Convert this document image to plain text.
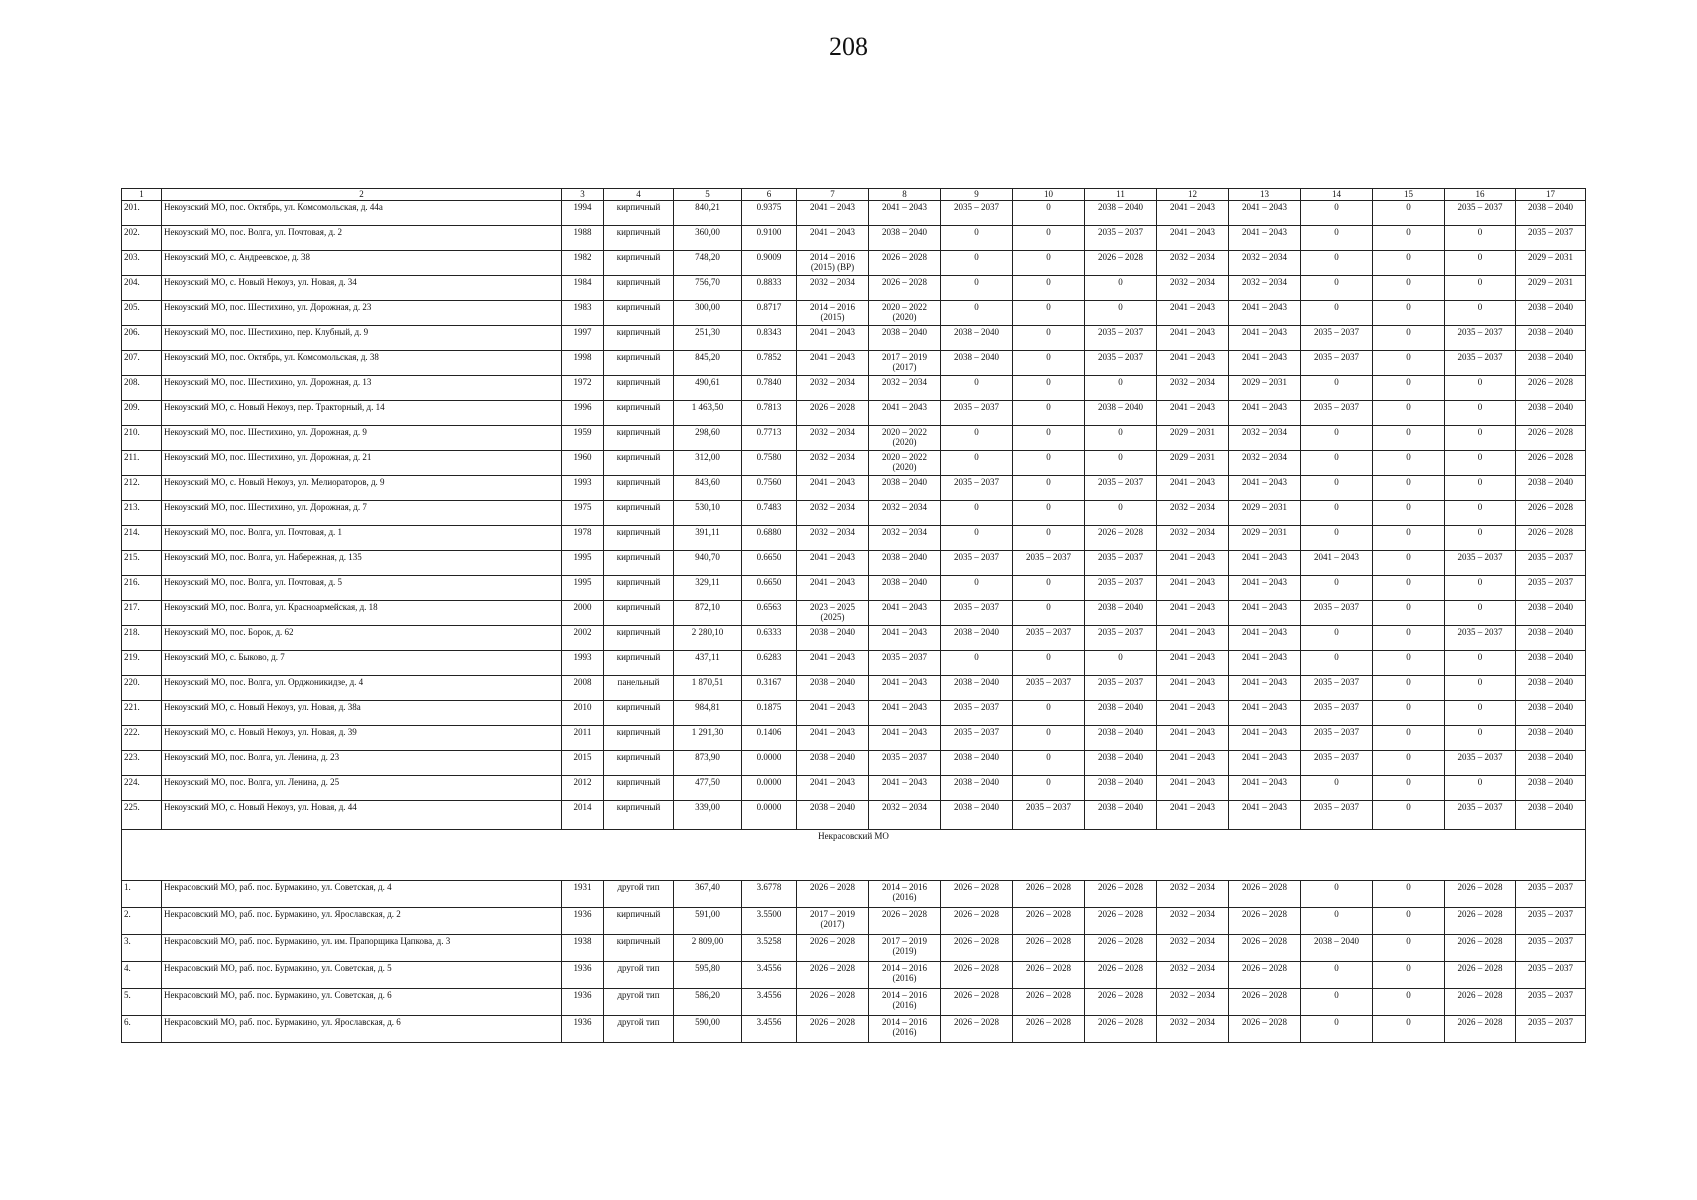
208
1	2	3	4	5	6	7	8	9	10	11	12	13	14	15	16	17
201.	Некоузский МО, пос. Октябрь, ул. Комсомольская, д. 44а	1994	кирпичный	840,21	0.9375	2041 – 2043	2041 – 2043	2035 – 2037	0	2038 – 2040	2041 – 2043	2041 – 2043	0	0	2035 – 2037	2038 – 2040
202.	Некоузский МО, пос. Волга, ул. Почтовая, д. 2	1988	кирпичный	360,00	0.9100	2041 – 2043	2038 – 2040	0	0	2035 – 2037	2041 – 2043	2041 – 2043	0	0	0	2035 – 2037
203.	Некоузский МО, с. Андреевское, д. 38	1982	кирпичный	748,20	0.9009	2014 – 2016
(2015) (ВР)	2026 – 2028	0	0	2026 – 2028	2032 – 2034	2032 – 2034	0	0	0	2029 – 2031
204.	Некоузский МО, с. Новый Некоуз, ул. Новая, д. 34	1984	кирпичный	756,70	0.8833	2032 – 2034	2026 – 2028	0	0	0	2032 – 2034	2032 – 2034	0	0	0	2029 – 2031
205.	Некоузский МО, пос. Шестихино, ул. Дорожная, д. 23	1983	кирпичный	300,00	0.8717	2014 – 2016
(2015)	2020 – 2022
(2020)	0	0	0	2041 – 2043	2041 – 2043	0	0	0	2038 – 2040
206.	Некоузский МО, пос. Шестихино, пер. Клубный, д. 9	1997	кирпичный	251,30	0.8343	2041 – 2043	2038 – 2040	2038 – 2040	0	2035 – 2037	2041 – 2043	2041 – 2043	2035 – 2037	0	2035 – 2037	2038 – 2040
207.	Некоузский МО, пос. Октябрь, ул. Комсомольская, д. 38	1998	кирпичный	845,20	0.7852	2041 – 2043	2017 – 2019
(2017)	2038 – 2040	0	2035 – 2037	2041 – 2043	2041 – 2043	2035 – 2037	0	2035 – 2037	2038 – 2040
208.	Некоузский МО, пос. Шестихино, ул. Дорожная, д. 13	1972	кирпичный	490,61	0.7840	2032 – 2034	2032 – 2034	0	0	0	2032 – 2034	2029 – 2031	0	0	0	2026 – 2028
209.	Некоузский МО, с. Новый Некоуз, пер. Тракторный, д. 14	1996	кирпичный	1 463,50	0.7813	2026 – 2028	2041 – 2043	2035 – 2037	0	2038 – 2040	2041 – 2043	2041 – 2043	2035 – 2037	0	0	2038 – 2040
210.	Некоузский МО, пос. Шестихино, ул. Дорожная, д. 9	1959	кирпичный	298,60	0.7713	2032 – 2034	2020 – 2022
(2020)	0	0	0	2029 – 2031	2032 – 2034	0	0	0	2026 – 2028
211.	Некоузский МО, пос. Шестихино, ул. Дорожная, д. 21	1960	кирпичный	312,00	0.7580	2032 – 2034	2020 – 2022
(2020)	0	0	0	2029 – 2031	2032 – 2034	0	0	0	2026 – 2028
212.	Некоузский МО, с. Новый Некоуз, ул. Мелиораторов, д. 9	1993	кирпичный	843,60	0.7560	2041 – 2043	2038 – 2040	2035 – 2037	0	2035 – 2037	2041 – 2043	2041 – 2043	0	0	0	2038 – 2040
213.	Некоузский МО, пос. Шестихино, ул. Дорожная, д. 7	1975	кирпичный	530,10	0.7483	2032 – 2034	2032 – 2034	0	0	0	2032 – 2034	2029 – 2031	0	0	0	2026 – 2028
214.	Некоузский МО, пос. Волга, ул. Почтовая, д. 1	1978	кирпичный	391,11	0.6880	2032 – 2034	2032 – 2034	0	0	2026 – 2028	2032 – 2034	2029 – 2031	0	0	0	2026 – 2028
215.	Некоузский МО, пос. Волга, ул. Набережная, д. 135	1995	кирпичный	940,70	0.6650	2041 – 2043	2038 – 2040	2035 – 2037	2035 – 2037	2035 – 2037	2041 – 2043	2041 – 2043	2041 – 2043	0	2035 – 2037	2035 – 2037
216.	Некоузский МО, пос. Волга, ул. Почтовая, д. 5	1995	кирпичный	329,11	0.6650	2041 – 2043	2038 – 2040	0	0	2035 – 2037	2041 – 2043	2041 – 2043	0	0	0	2035 – 2037
217.	Некоузский МО, пос. Волга, ул. Красноармейская, д. 18	2000	кирпичный	872,10	0.6563	2023 – 2025
(2025)	2041 – 2043	2035 – 2037	0	2038 – 2040	2041 – 2043	2041 – 2043	2035 – 2037	0	0	2038 – 2040
218.	Некоузский МО, пос. Борок, д. 62	2002	кирпичный	2 280,10	0.6333	2038 – 2040	2041 – 2043	2038 – 2040	2035 – 2037	2035 – 2037	2041 – 2043	2041 – 2043	0	0	2035 – 2037	2038 – 2040
219.	Некоузский МО, с. Быково, д. 7	1993	кирпичный	437,11	0.6283	2041 – 2043	2035 – 2037	0	0	0	2041 – 2043	2041 – 2043	0	0	0	2038 – 2040
220.	Некоузский МО, пос. Волга, ул. Орджоникидзе, д. 4	2008	панельный	1 870,51	0.3167	2038 – 2040	2041 – 2043	2038 – 2040	2035 – 2037	2035 – 2037	2041 – 2043	2041 – 2043	2035 – 2037	0	0	2038 – 2040
221.	Некоузский МО, с. Новый Некоуз, ул. Новая, д. 38а	2010	кирпичный	984,81	0.1875	2041 – 2043	2041 – 2043	2035 – 2037	0	2038 – 2040	2041 – 2043	2041 – 2043	2035 – 2037	0	0	2038 – 2040
222.	Некоузский МО, с. Новый Некоуз, ул. Новая, д. 39	2011	кирпичный	1 291,30	0.1406	2041 – 2043	2041 – 2043	2035 – 2037	0	2038 – 2040	2041 – 2043	2041 – 2043	2035 – 2037	0	0	2038 – 2040
223.	Некоузский МО, пос. Волга, ул. Ленина, д. 23	2015	кирпичный	873,90	0.0000	2038 – 2040	2035 – 2037	2038 – 2040	0	2038 – 2040	2041 – 2043	2041 – 2043	2035 – 2037	0	2035 – 2037	2038 – 2040
224.	Некоузский МО, пос. Волга, ул. Ленина, д. 25	2012	кирпичный	477,50	0.0000	2041 – 2043	2041 – 2043	2038 – 2040	0	2038 – 2040	2041 – 2043	2041 – 2043	0	0	0	2038 – 2040
225.	Некоузский МО, с. Новый Некоуз, ул. Новая, д. 44	2014	кирпичный	339,00	0.0000	2038 – 2040	2032 – 2034	2038 – 2040	2035 – 2037	2038 – 2040	2041 – 2043	2041 – 2043	2035 – 2037	0	2035 – 2037	2038 – 2040
Некрасовский МО																
1.	Некрасовский МО, раб. пос. Бурмакино, ул. Советская, д. 4	1931	другой тип	367,40	3.6778	2026 – 2028	2014 – 2016
(2016)	2026 – 2028	2026 – 2028	2026 – 2028	2032 – 2034	2026 – 2028	0	0	2026 – 2028	2035 – 2037
2.	Некрасовский МО, раб. пос. Бурмакино, ул. Ярославская, д. 2	1936	кирпичный	591,00	3.5500	2017 – 2019
(2017)	2026 – 2028	2026 – 2028	2026 – 2028	2026 – 2028	2032 – 2034	2026 – 2028	0	0	2026 – 2028	2035 – 2037
3.	Некрасовский МО, раб. пос. Бурмакино, ул. им. Прапорщика Цапкова, д. 3	1938	кирпичный	2 809,00	3.5258	2026 – 2028	2017 – 2019
(2019)	2026 – 2028	2026 – 2028	2026 – 2028	2032 – 2034	2026 – 2028	2038 – 2040	0	2026 – 2028	2035 – 2037
4.	Некрасовский МО, раб. пос. Бурмакино, ул. Советская, д. 5	1936	другой тип	595,80	3.4556	2026 – 2028	2014 – 2016
(2016)	2026 – 2028	2026 – 2028	2026 – 2028	2032 – 2034	2026 – 2028	0	0	2026 – 2028	2035 – 2037
5.	Некрасовский МО, раб. пос. Бурмакино, ул. Советская, д. 6	1936	другой тип	586,20	3.4556	2026 – 2028	2014 – 2016
(2016)	2026 – 2028	2026 – 2028	2026 – 2028	2032 – 2034	2026 – 2028	0	0	2026 – 2028	2035 – 2037
6.	Некрасовский МО, раб. пос. Бурмакино, ул. Ярославская, д. 6	1936	другой тип	590,00	3.4556	2026 – 2028	2014 – 2016
(2016)	2026 – 2028	2026 – 2028	2026 – 2028	2032 – 2034	2026 – 2028	0	0	2026 – 2028	2035 – 2037
